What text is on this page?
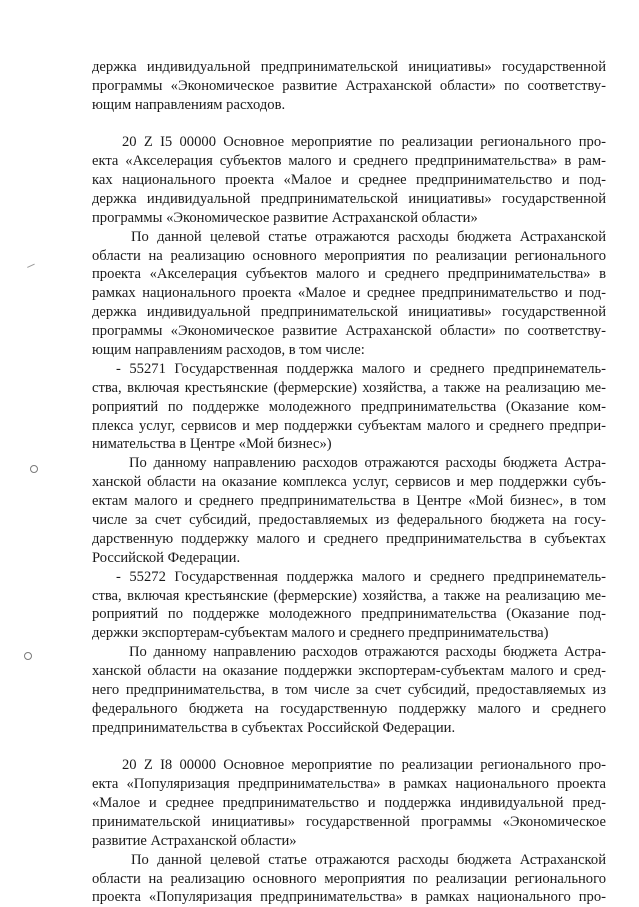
держка индивидуальной предпринимательской инициативы» государственной
программы «Экономическое развитие Астраханской области» по соответству-
ющим направлениям расходов.
20 Z I5 00000 Основное мероприятие по реализации регионального про-
екта «Акселерация субъектов малого и среднего предпринимательства» в рам-
ках национального проекта «Малое и среднее предпринимательство и под-
держка индивидуальной предпринимательской инициативы» государственной
программы «Экономическое развитие Астраханской области»
По данной целевой статье отражаются расходы бюджета Астраханской
области на реализацию основного мероприятия по реализации регионального
проекта «Акселерация субъектов малого и среднего предпринимательства» в
рамках национального проекта «Малое и среднее предпринимательство и под-
держка индивидуальной предпринимательской инициативы» государственной
программы «Экономическое развитие Астраханской области» по соответству-
ющим направлениям расходов, в том числе:
- 55271 Государственная поддержка малого и среднего предпринематель-
ства, включая крестьянские (фермерские) хозяйства, а также на реализацию ме-
роприятий по поддержке молодежного предпринимательства (Оказание ком-
плекса услуг, сервисов и мер поддержки субъектам малого и среднего предпри-
нимательства в Центре «Мой бизнес»)
По данному направлению расходов отражаются расходы бюджета Астра-
ханской области на оказание комплекса услуг, сервисов и мер поддержки субъ-
ектам малого и среднего предпринимательства в Центре «Мой бизнес», в том
числе за счет субсидий, предоставляемых из федерального бюджета на госу-
дарственную поддержку малого и среднего предпринимательства в субъектах
Российской Федерации.
- 55272 Государственная поддержка малого и среднего предпринематель-
ства, включая крестьянские (фермерские) хозяйства, а также на реализацию ме-
роприятий по поддержке молодежного предпринимательства (Оказание под-
держки экспортерам-субъектам малого и среднего предпринимательства)
По данному направлению расходов отражаются расходы бюджета Астра-
ханской области на оказание поддержки экспортерам-субъектам малого и сред-
него предпринимательства, в том числе за счет субсидий, предоставляемых из
федерального бюджета на государственную поддержку малого и среднего
предпринимательства в субъектах Российской Федерации.
20 Z I8 00000 Основное мероприятие по реализации регионального про-
екта «Популяризация предпринимательства» в рамках национального проекта
«Малое и среднее предпринимательство и поддержка индивидуальной пред-
принимательской инициативы» государственной программы «Экономическое
развитие Астраханской области»
По данной целевой статье отражаются расходы бюджета Астраханской
области на реализацию основного мероприятия по реализации регионального
проекта «Популяризация предпринимательства» в рамках национального про-
